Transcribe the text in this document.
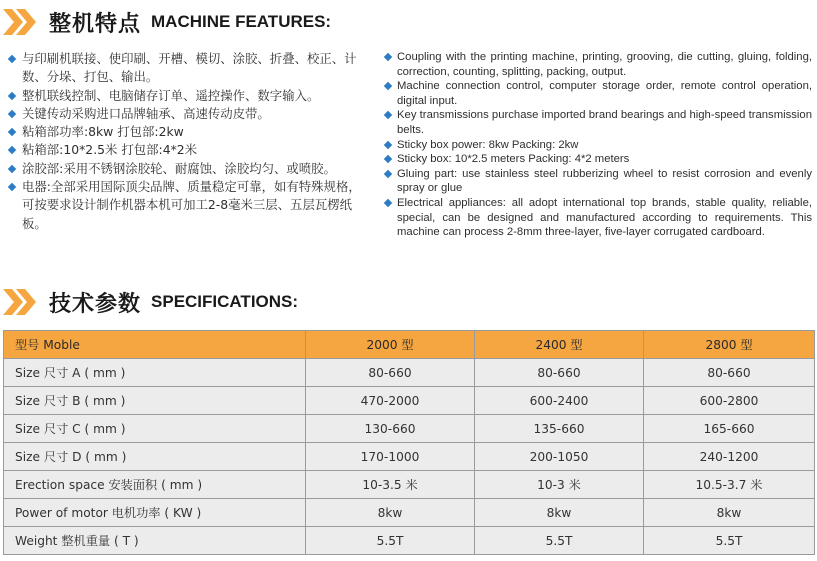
整机特点 MACHINE FEATURES:
与印刷机联接、使印刷、开槽、模切、涂胶、折叠、校正、计数、分垛、打包、输出。
整机联线控制、电脑储存订单、遥控操作、数字输入。
关键传动采购进口品牌轴承、高速传动皮带。
粘箱部功率:8kw 打包部:2kw
粘箱部:10*2.5米 打包部:4*2米
涂胶部:采用不锈钢涂胶轮、耐腐蚀、涂胶均匀、或喷胶。
电器:全部采用国际顶尖品牌、质量稳定可靠，如有特殊规格，可按要求设计制作机器本机可加工2-8毫米三层、五层瓦楞纸板。
Coupling with the printing machine, printing, grooving, die cutting, gluing, folding, correction, counting, splitting, packing, output.
Machine connection control, computer storage order, remote control operation, digital input.
Key transmissions purchase imported brand bearings and high-speed transmission belts.
Sticky box power: 8kw Packing: 2kw
Sticky box: 10*2.5 meters Packing: 4*2 meters
Gluing part: use stainless steel rubberizing wheel to resist corrosion and evenly spray or glue
Electrical appliances: all adopt international top brands, stable quality, reliable, special, can be designed and manufactured according to requirements. This machine can process 2-8mm three-layer, five-layer corrugated cardboard.
技术参数 SPECIFICATIONS:
型号 Moble	2000 型	2400 型	2800 型
Size 尺寸 A ( mm )	80-660	80-660	80-660
Size 尺寸 B ( mm )	470-2000	600-2400	600-2800
Size 尺寸 C ( mm )	130-660	135-660	165-660
Size 尺寸 D ( mm )	170-1000	200-1050	240-1200
Erection space 安装面积 ( mm )	10-3.5 米	10-3 米	10.5-3.7 米
Power of motor 电机功率 ( KW )	8kw	8kw	8kw
Weight 整机重量 ( T )	5.5T	5.5T	5.5T
